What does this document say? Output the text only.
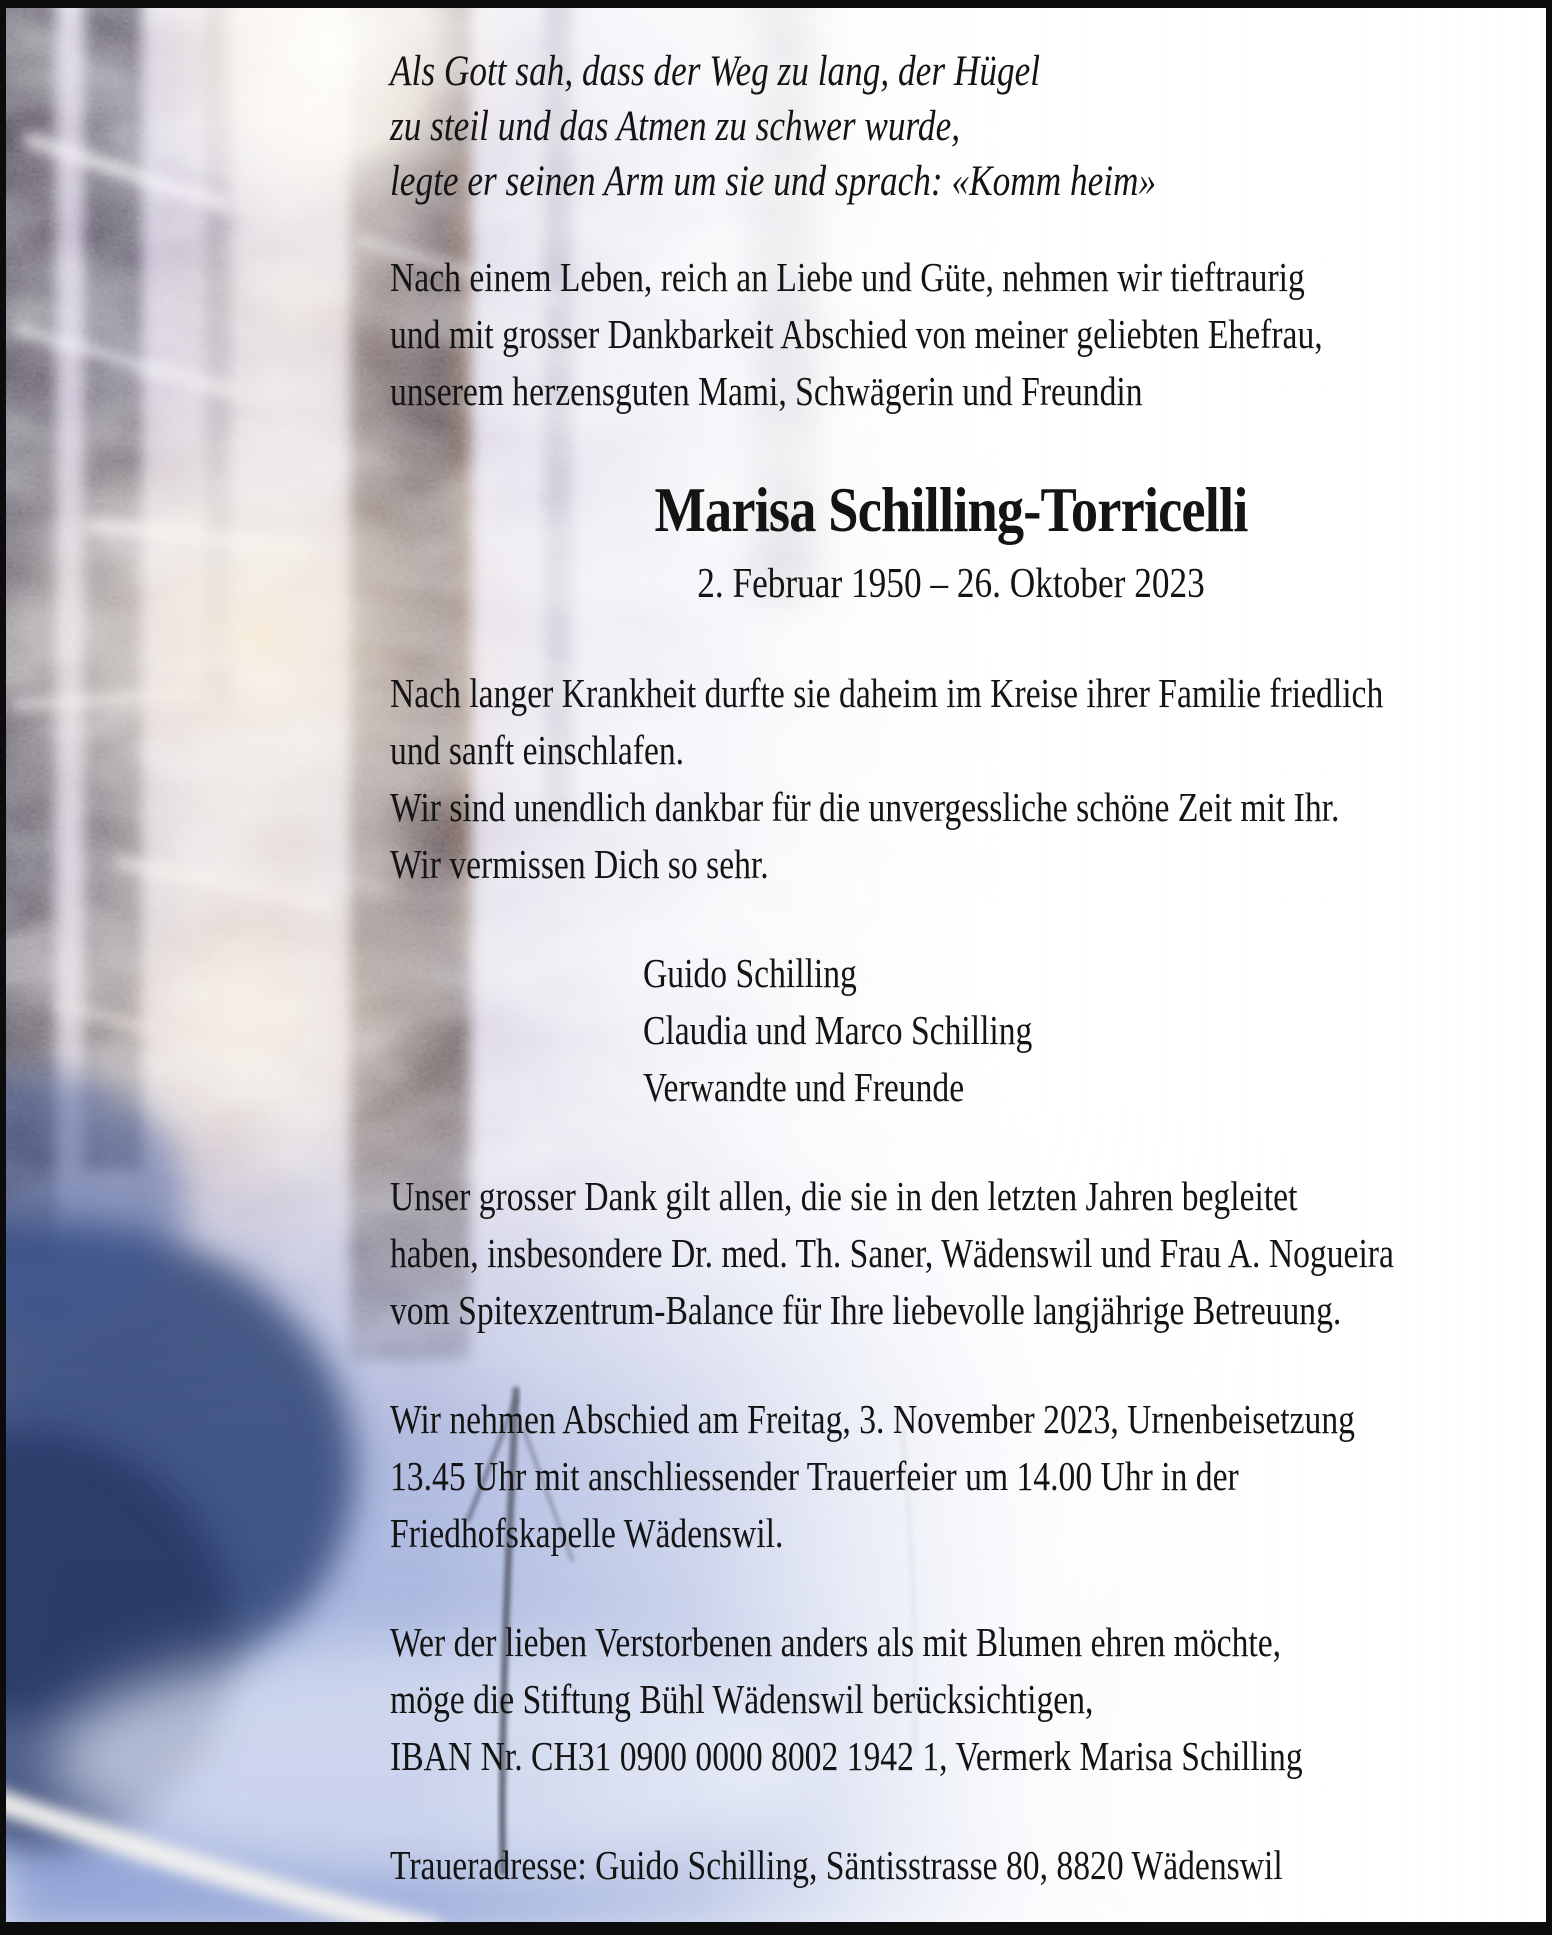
Als Gott sah, dass der Weg zu lang, der Hügel
zu steil und das Atmen zu schwer wurde,
legte er seinen Arm um sie und sprach: «Komm heim»

Nach einem Leben, reich an Liebe und Güte, nehmen wir tieftraurig
und mit grosser Dankbarkeit Abschied von meiner geliebten Ehefrau,
unserem herzensguten Mami, Schwägerin und Freundin

Marisa Schilling-Torricelli
2. Februar 1950 – 26. Oktober 2023

Nach langer Krankheit durfte sie daheim im Kreise ihrer Familie friedlich
und sanft einschlafen.
Wir sind unendlich dankbar für die unvergessliche schöne Zeit mit Ihr.
Wir vermissen Dich so sehr.

Guido Schilling
Claudia und Marco Schilling
Verwandte und Freunde

Unser grosser Dank gilt allen, die sie in den letzten Jahren begleitet
haben, insbesondere Dr. med. Th. Saner, Wädenswil und Frau A. Nogueira
vom Spitexzentrum-Balance für Ihre liebevolle langjährige Betreuung.

Wir nehmen Abschied am Freitag, 3. November 2023, Urnenbeisetzung
13.45 Uhr mit anschliessender Trauerfeier um 14.00 Uhr in der
Friedhofskapelle Wädenswil.

Wer der lieben Verstorbenen anders als mit Blumen ehren möchte,
möge die Stiftung Bühl Wädenswil berücksichtigen,
IBAN Nr. CH31 0900 0000 8002 1942 1, Vermerk Marisa Schilling

Traueradresse: Guido Schilling, Säntisstrasse 80, 8820 Wädenswil
